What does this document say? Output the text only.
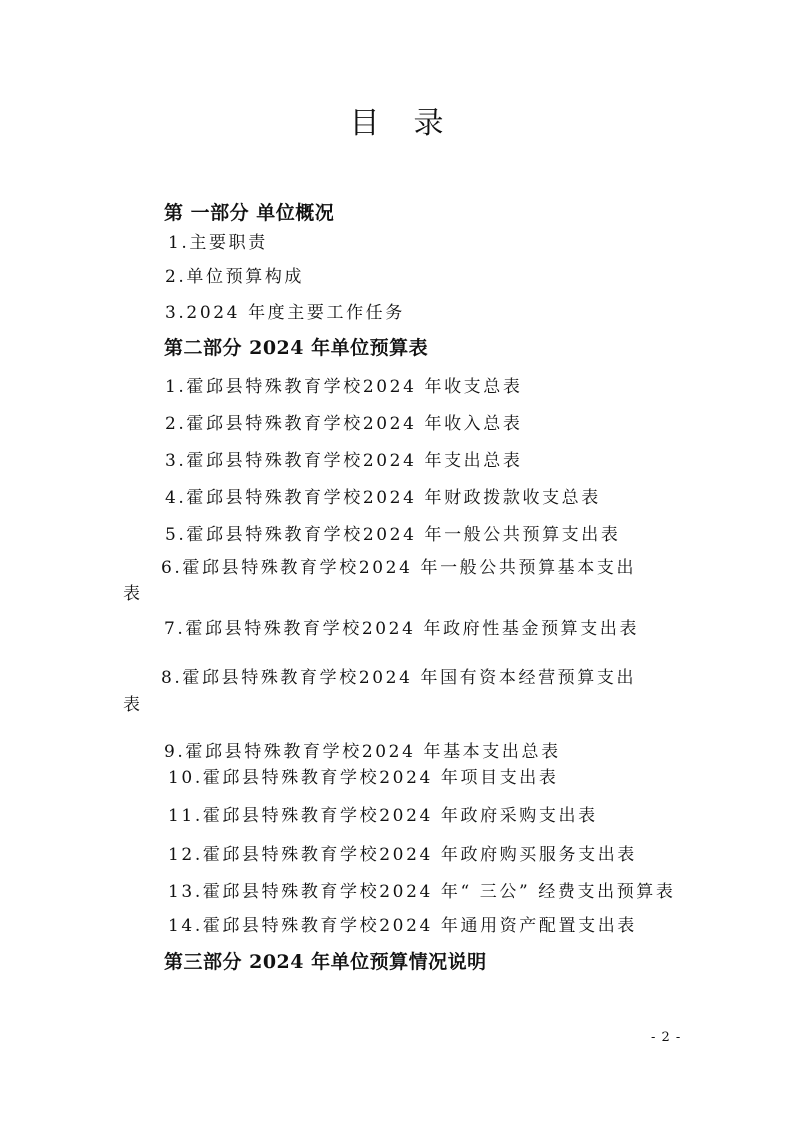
目录
第 一部分 单位概况
1.主要职责
2.单位预算构成
3.2024 年度主要工作任务
第二部分 2024 年单位预算表
1.霍邱县特殊教育学校2024 年收支总表
2.霍邱县特殊教育学校2024 年收入总表
3.霍邱县特殊教育学校2024 年支出总表
4.霍邱县特殊教育学校2024 年财政拨款收支总表
5.霍邱县特殊教育学校2024 年一般公共预算支出表
6.霍邱县特殊教育学校2024 年一般公共预算基本支出
表
7.霍邱县特殊教育学校2024 年政府性基金预算支出表
8.霍邱县特殊教育学校2024 年国有资本经营预算支出
表
9.霍邱县特殊教育学校2024 年基本支出总表
10.霍邱县特殊教育学校2024 年项目支出表
11.霍邱县特殊教育学校2024 年政府采购支出表
12.霍邱县特殊教育学校2024 年政府购买服务支出表
13.霍邱县特殊教育学校2024 年“ 三公” 经费支出预算表
14.霍邱县特殊教育学校2024 年通用资产配置支出表
第三部分 2024 年单位预算情况说明
- 2 -
